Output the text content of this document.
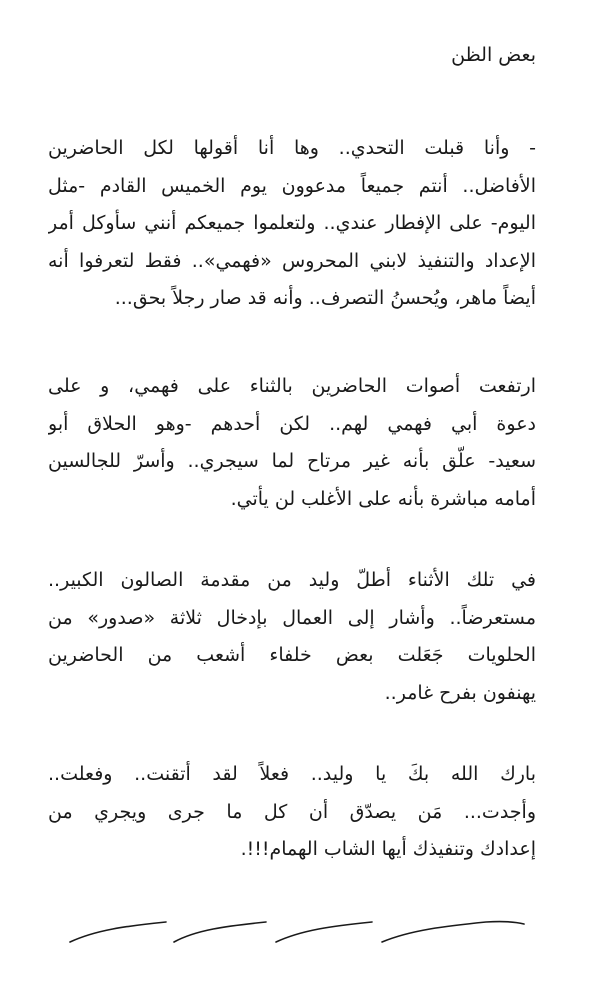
بعض الظن
- وأنا قبلت التحدي.. وها أنا أقولها لكل الحاضرين
الأفاضل.. أنتم جميعاً مدعوون يوم الخميس القادم -مثل
اليوم- على الإفطار عندي.. ولتعلموا جميعكم أنني سأوكل أمر
الإعداد والتنفيذ لابني المحروس «فهمي».. فقط لتعرفوا أنه
أيضاً ماهر، ويُحسنُ التصرف.. وأنه قد صار رجلاً بحق...
ارتفعت أصوات الحاضرين بالثناء على فهمي، و على
دعوة أبي فهمي لهم.. لكن أحدهم -وهو الحلاق أبو
سعيد- علّق بأنه غير مرتاح لما سيجري.. وأسرّ للجالسين
أمامه مباشرة بأنه على الأغلب لن يأتي.
في تلك الأثناء أطلّ وليد من مقدمة الصالون الكبير..
مستعرضاً.. وأشار إلى العمال بإدخال ثلاثة «صدور» من
الحلويات جَعَلت بعض خلفاء أشعب من الحاضرين
يهنفون بفرح غامر..
بارك الله بكَ يا وليد.. فعلاً لقد أتقنت.. وفعلت..
وأجدت... مَن يصدّق أن كل ما جرى ويجري من
إعدادك وتنفيذك أيها الشاب الهمام!!!.
